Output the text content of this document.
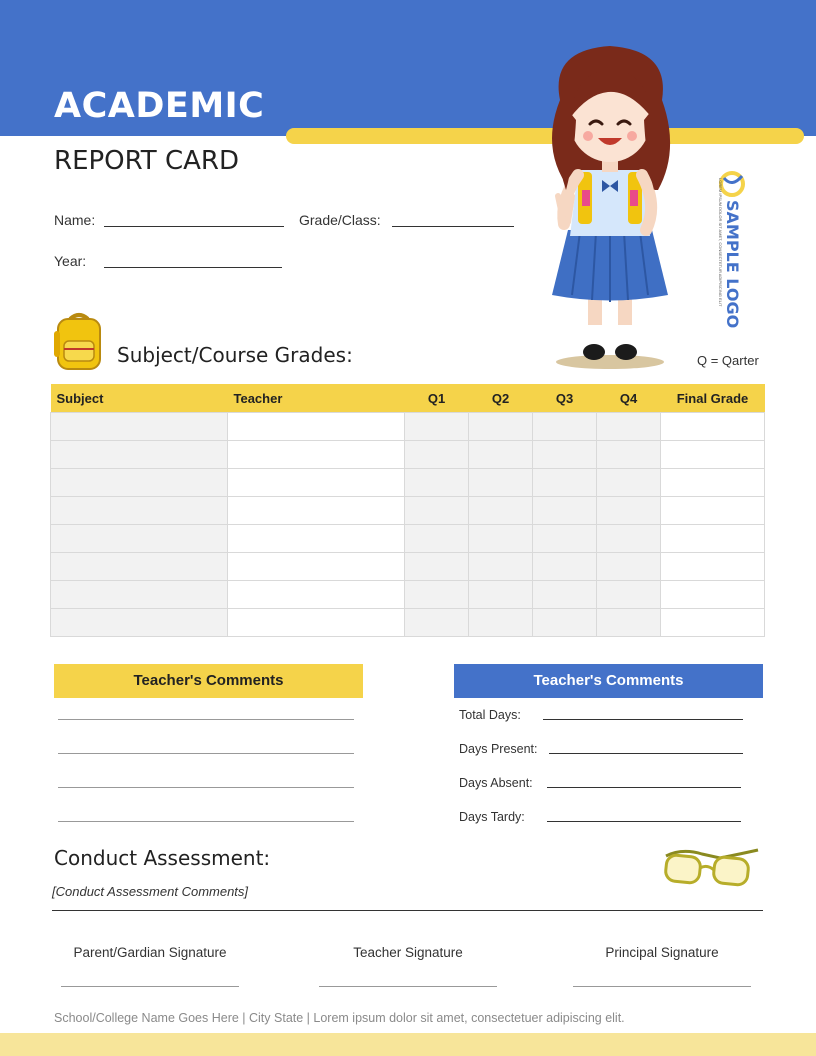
ACADEMIC
REPORT CARD
SAMPLE LOGO
LOREM IPSUM DOLOR SIT AMET, CONSECTETUR ADIPISCING ELIT
Name:	Grade/Class:
Year:
Subject/Course Grades:	Q = Qarter
Subject	Teacher	Q1	Q2	Q3	Q4	Final Grade

Teacher's Comments	Teacher's Comments
Total Days:
Days Present:
Days Absent:
Days Tardy:
Conduct Assessment:
[Conduct Assessment Comments]
Parent/Gardian Signature	Teacher Signature	Principal Signature
School/College Name Goes Here | City State | Lorem ipsum dolor sit amet, consectetuer adipiscing elit.
